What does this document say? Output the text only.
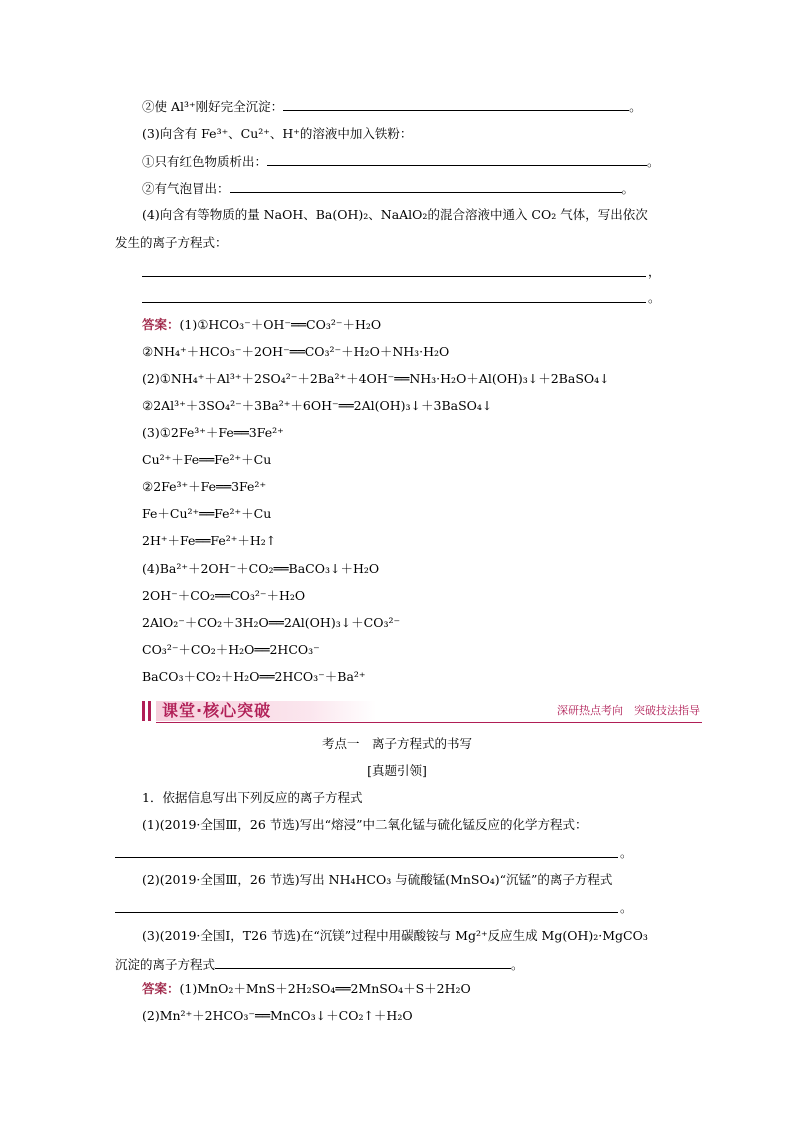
②使 Al³⁺刚好完全沉淀：	。
(3)向含有 Fe³⁺、Cu²⁺、H⁺的溶液中加入铁粉：
①只有红色物质析出：	。
②有气泡冒出：	。
(4)向含有等物质的量 NaOH、Ba(OH)₂、NaAlO₂的混合溶液中通入 CO₂ 气体，写出依次
发生的离子方程式：
，
。
答案：(1)①HCO₃⁻＋OH⁻══CO₃²⁻＋H₂O
②NH₄⁺＋HCO₃⁻＋2OH⁻══CO₃²⁻＋H₂O＋NH₃·H₂O
(2)①NH₄⁺＋Al³⁺＋2SO₄²⁻＋2Ba²⁺＋4OH⁻══NH₃·H₂O＋Al(OH)₃↓＋2BaSO₄↓
②2Al³⁺＋3SO₄²⁻＋3Ba²⁺＋6OH⁻══2Al(OH)₃↓＋3BaSO₄↓
(3)①2Fe³⁺＋Fe══3Fe²⁺
Cu²⁺＋Fe══Fe²⁺＋Cu
②2Fe³⁺＋Fe══3Fe²⁺
Fe＋Cu²⁺══Fe²⁺＋Cu
2H⁺＋Fe══Fe²⁺＋H₂↑
(4)Ba²⁺＋2OH⁻＋CO₂══BaCO₃↓＋H₂O
2OH⁻＋CO₂══CO₃²⁻＋H₂O
2AlO₂⁻＋CO₂＋3H₂O══2Al(OH)₃↓＋CO₃²⁻
CO₃²⁻＋CO₂＋H₂O══2HCO₃⁻
BaCO₃＋CO₂＋H₂O══2HCO₃⁻＋Ba²⁺
课堂·核心突破	深研热点考向　突破技法指导
考点一　离子方程式的书写
[真题引领]
1．依据信息写出下列反应的离子方程式
(1)(2019·全国Ⅲ，26 节选)写出“熔浸”中二氧化锰与硫化锰反应的化学方程式：
。
(2)(2019·全国Ⅲ，26 节选)写出 NH₄HCO₃ 与硫酸锰(MnSO₄)“沉锰”的离子方程式
。
(3)(2019·全国Ⅰ，T26 节选)在“沉镁”过程中用碳酸铵与 Mg²⁺反应生成 Mg(OH)₂·MgCO₃
沉淀的离子方程式	。
答案：(1)MnO₂＋MnS＋2H₂SO₄══2MnSO₄＋S＋2H₂O
(2)Mn²⁺＋2HCO₃⁻══MnCO₃↓＋CO₂↑＋H₂O
